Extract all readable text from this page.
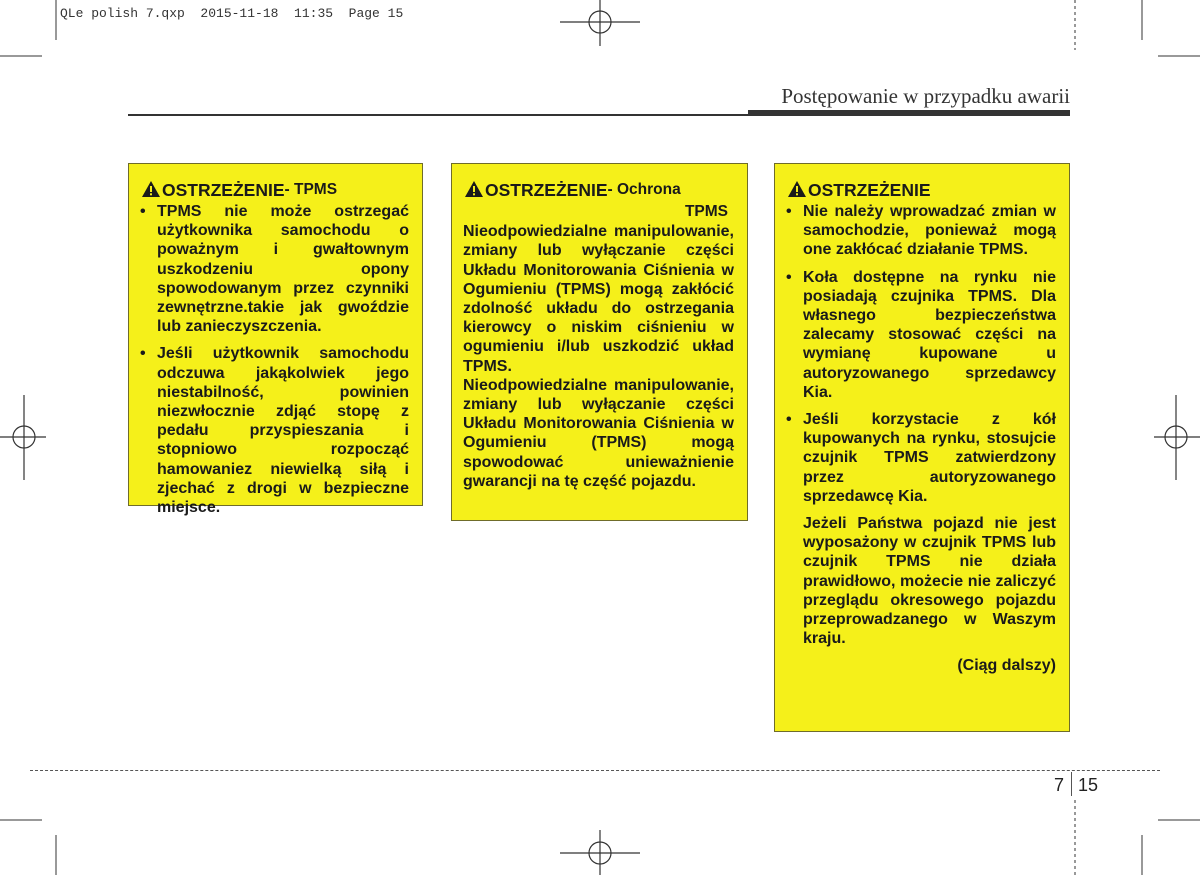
QLe polish 7.qxp  2015-11-18  11:35  Page 15
Postępowanie w przypadku awarii
OSTRZEŻENIE - TPMS
• TPMS nie może ostrzegać użytkownika samochodu o poważnym i gwałtownym uszkodzeniu opony spowodowanym przez czynniki zewnętrzne.takie jak gwoździe lub zanieczyszczenia.
• Jeśli użytkownik samochodu odczuwa jakąkolwiek jego niestabilność, powinien niezwłocznie zdjąć stopę z pedału przyspieszania i stopniowo rozpocząć hamowaniez niewielką siłą i zjechać z drogi w bezpieczne miejsce.
OSTRZEŻENIE - Ochrona
TPMS
Nieodpowiedzialne manipulowanie, zmiany lub wyłączanie części Układu Monitorowania Ciśnienia w Ogumieniu (TPMS) mogą zakłócić zdolność układu do ostrzegania kierowcy o niskim ciśnieniu w ogumieniu i/lub uszkodzić układ TPMS.
Nieodpowiedzialne manipulowanie, zmiany lub wyłączanie części Układu Monitorowania Ciśnienia w Ogumieniu (TPMS) mogą spowodować unieważnienie gwarancji na tę część pojazdu.
OSTRZEŻENIE
• Nie należy wprowadzać zmian w samochodzie, ponieważ mogą one zakłócać działanie TPMS.
• Koła dostępne na rynku nie posiadają czujnika TPMS. Dla własnego bezpieczeństwa zalecamy stosować części na wymianę kupowane u autoryzowanego sprzedawcy Kia.
• Jeśli korzystacie z kół kupowanych na rynku, stosujcie czujnik TPMS zatwierdzony przez autoryzowanego sprzedawcę Kia.
Jeżeli Państwa pojazd nie jest wyposażony w czujnik TPMS lub czujnik TPMS nie działa prawidłowo, możecie nie zaliczyć przeglądu okresowego pojazdu przeprowadzanego w Waszym kraju.
(Ciąg dalszy)
7 15
